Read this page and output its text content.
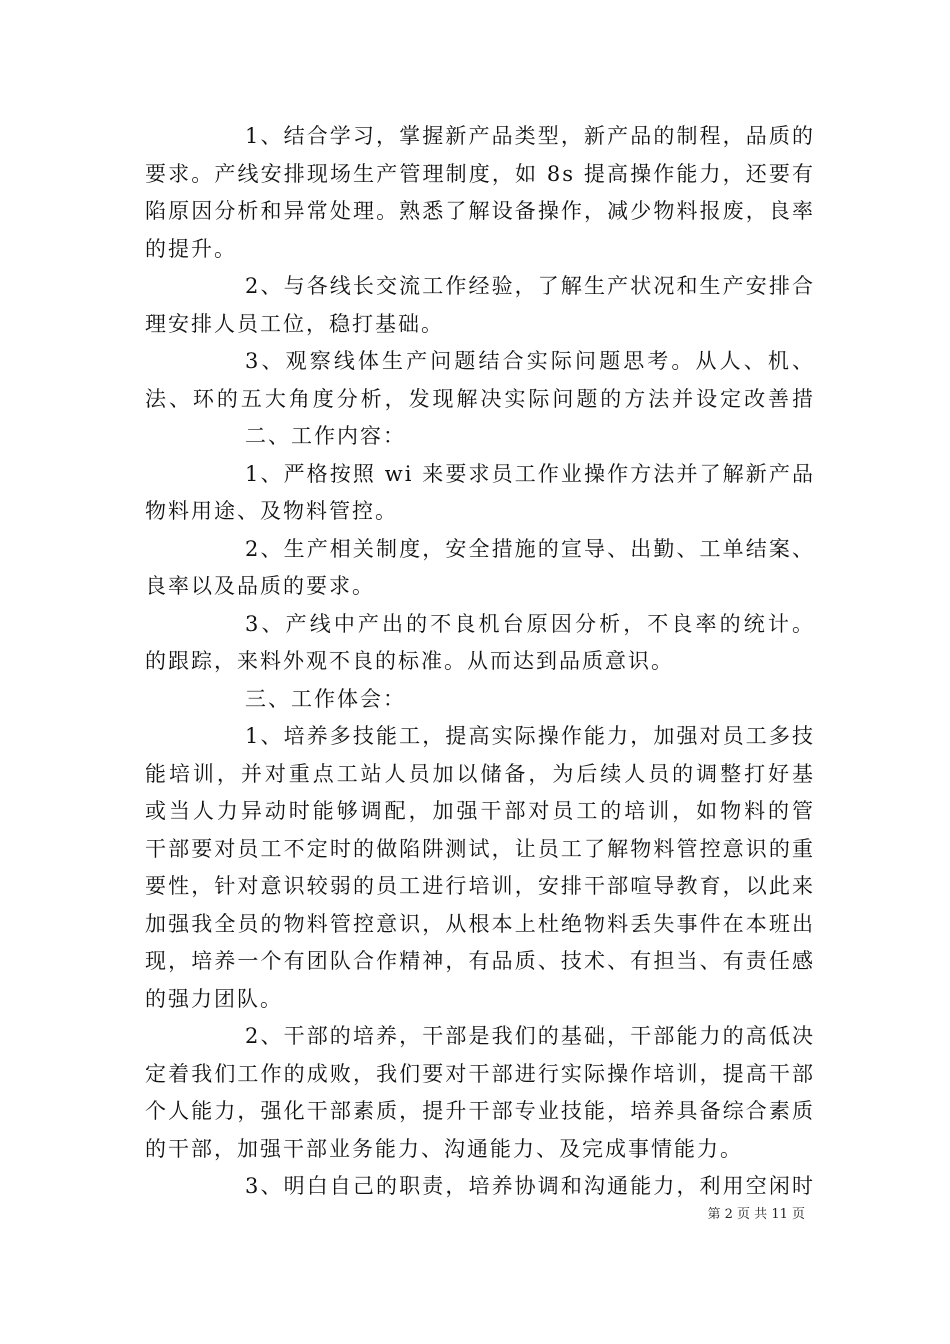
1、结合学习，掌握新产品类型，新产品的制程，品质的
要求。产线安排现场生产管理制度，如 8s 提高操作能力，还要有
陷原因分析和异常处理。熟悉了解设备操作，减少物料报废，良率
的提升。
2、与各线长交流工作经验，了解生产状况和生产安排合
理安排人员工位，稳打基础。
3、观察线体生产问题结合实际问题思考。从人、机、
法、环的五大角度分析，发现解决实际问题的方法并设定改善措
二、工作内容：
1、严格按照 wi 来要求员工作业操作方法并了解新产品
物料用途、及物料管控。
2、生产相关制度，安全措施的宣导、出勤、工单结案、
良率以及品质的要求。
3、产线中产出的不良机台原因分析，不良率的统计。
的跟踪，来料外观不良的标准。从而达到品质意识。
三、工作体会：
1、培养多技能工，提高实际操作能力，加强对员工多技
能培训，并对重点工站人员加以储备，为后续人员的调整打好基
或当人力异动时能够调配，加强干部对员工的培训，如物料的管
干部要对员工不定时的做陷阱测试，让员工了解物料管控意识的重
要性，针对意识较弱的员工进行培训，安排干部喧导教育，以此来
加强我全员的物料管控意识，从根本上杜绝物料丢失事件在本班出
现，培养一个有团队合作精神，有品质、技术、有担当、有责任感
的强力团队。
2、干部的培养，干部是我们的基础，干部能力的高低决
定着我们工作的成败，我们要对干部进行实际操作培训，提高干部
个人能力，强化干部素质，提升干部专业技能，培养具备综合素质
的干部，加强干部业务能力、沟通能力、及完成事情能力。
3、明白自己的职责，培养协调和沟通能力，利用空闲时
第 2 页 共 11 页
